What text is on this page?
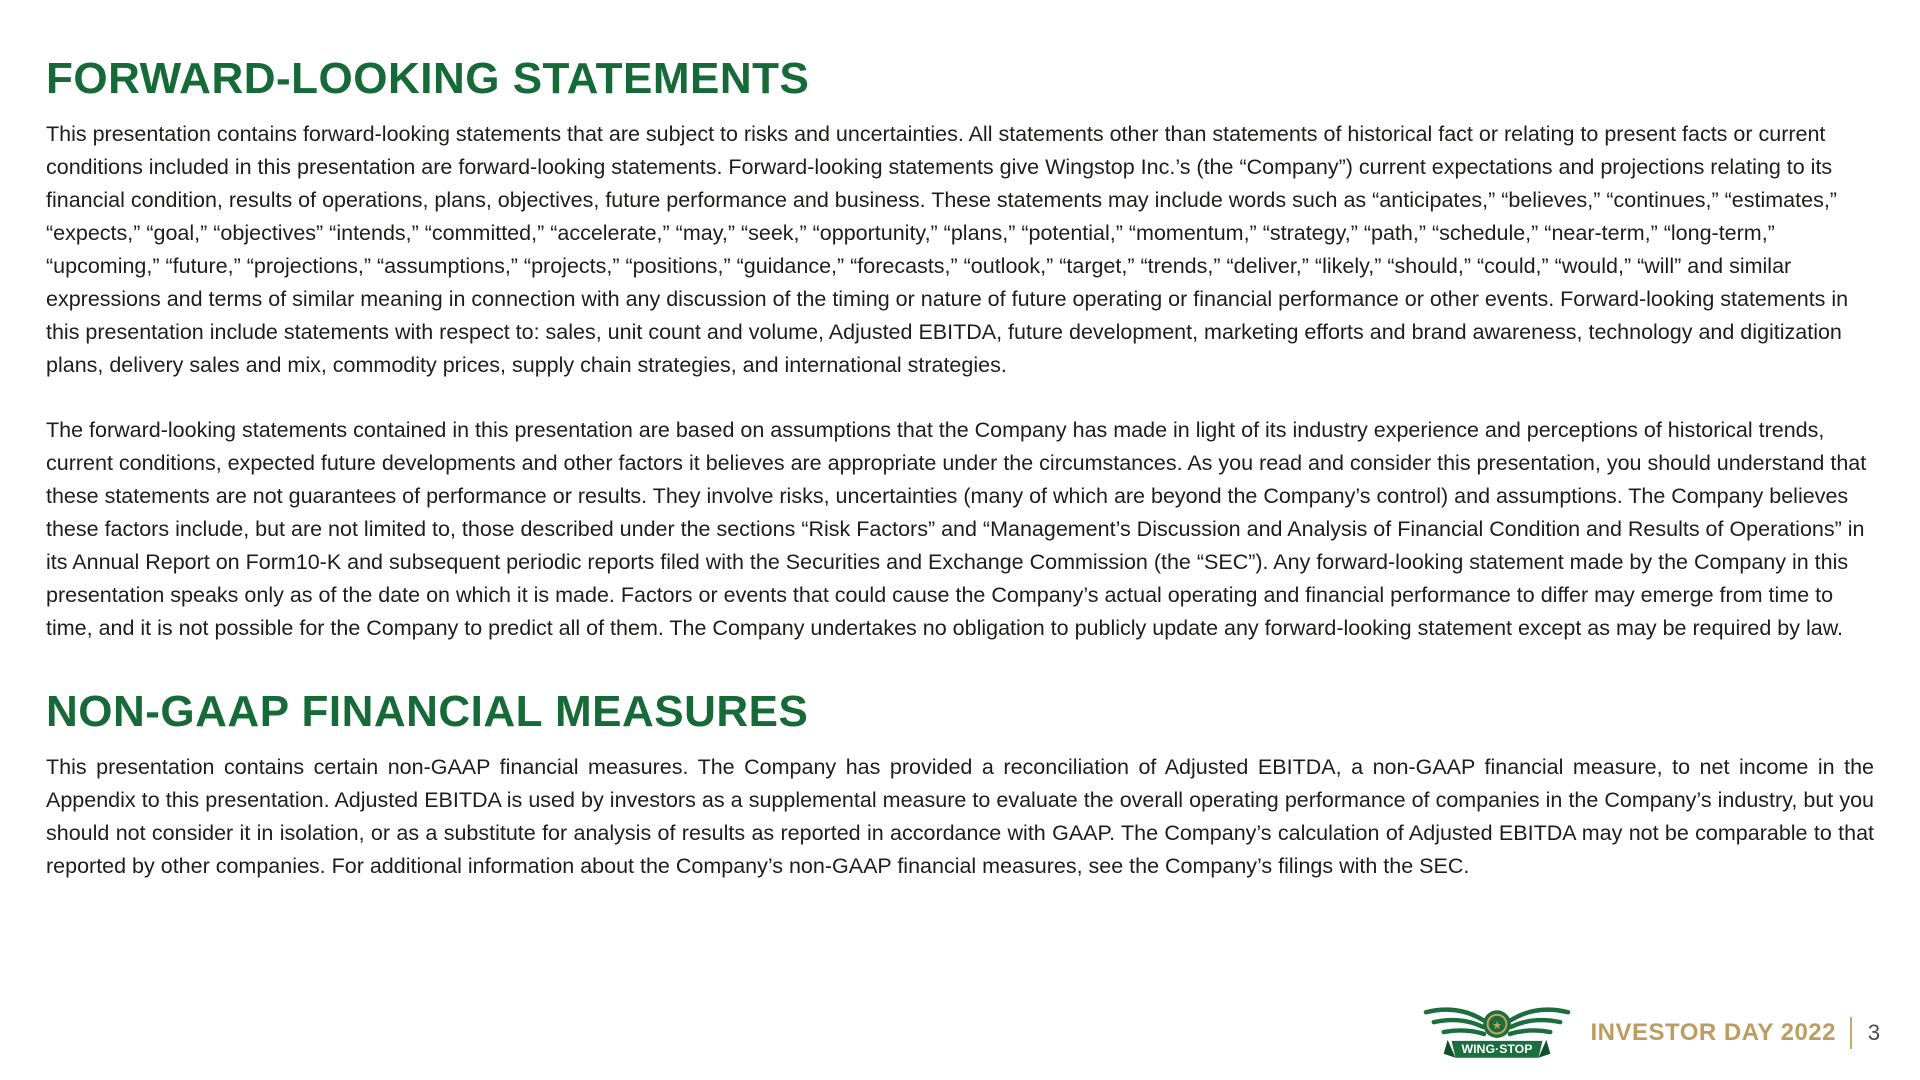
FORWARD-LOOKING STATEMENTS

This presentation contains forward-looking statements that are subject to risks and uncertainties. All statements other than statements of historical fact or relating to present facts or current conditions included in this presentation are forward-looking statements. Forward-looking statements give Wingstop Inc.’s (the “Company”) current expectations and projections relating to its financial condition, results of operations, plans, objectives, future performance and business. These statements may include words such as “anticipates,” “believes,” “continues,” “estimates,” “expects,” “goal,” “objectives” “intends,” “committed,” “accelerate,” “may,” “seek,” “opportunity,” “plans,” “potential,” “momentum,” “strategy,” “path,” “schedule,” “near-term,” “long-term,” “upcoming,” “future,” “projections,” “assumptions,” “projects,” “positions,” “guidance,” “forecasts,” “outlook,” “target,” “trends,” “deliver,” “likely,” “should,” “could,” “would,” “will” and similar expressions and terms of similar meaning in connection with any discussion of the timing or nature of future operating or financial performance or other events. Forward-looking statements in this presentation include statements with respect to: sales, unit count and volume, Adjusted EBITDA, future development, marketing efforts and brand awareness, technology and digitization plans, delivery sales and mix, commodity prices, supply chain strategies, and international strategies.

The forward-looking statements contained in this presentation are based on assumptions that the Company has made in light of its industry experience and perceptions of historical trends, current conditions, expected future developments and other factors it believes are appropriate under the circumstances. As you read and consider this presentation, you should understand that these statements are not guarantees of performance or results. They involve risks, uncertainties (many of which are beyond the Company’s control) and assumptions. The Company believes these factors include, but are not limited to, those described under the sections “Risk Factors” and “Management’s Discussion and Analysis of Financial Condition and Results of Operations” in its Annual Report on Form10-K and subsequent periodic reports filed with the Securities and Exchange Commission (the “SEC”). Any forward-looking statement made by the Company in this presentation speaks only as of the date on which it is made. Factors or events that could cause the Company’s actual operating and financial performance to differ may emerge from time to time, and it is not possible for the Company to predict all of them. The Company undertakes no obligation to publicly update any forward-looking statement except as may be required by law.

NON-GAAP FINANCIAL MEASURES

This presentation contains certain non-GAAP financial measures. The Company has provided a reconciliation of Adjusted EBITDA, a non-GAAP financial measure, to net income in the Appendix to this presentation. Adjusted EBITDA is used by investors as a supplemental measure to evaluate the overall operating performance of companies in the Company’s industry, but you should not consider it in isolation, or as a substitute for analysis of results as reported in accordance with GAAP. The Company’s calculation of Adjusted EBITDA may not be comparable to that reported by other companies. For additional information about the Company’s non-GAAP financial measures, see the Company’s filings with the SEC.

★
WING·STOP
INVESTOR DAY 2022 3
